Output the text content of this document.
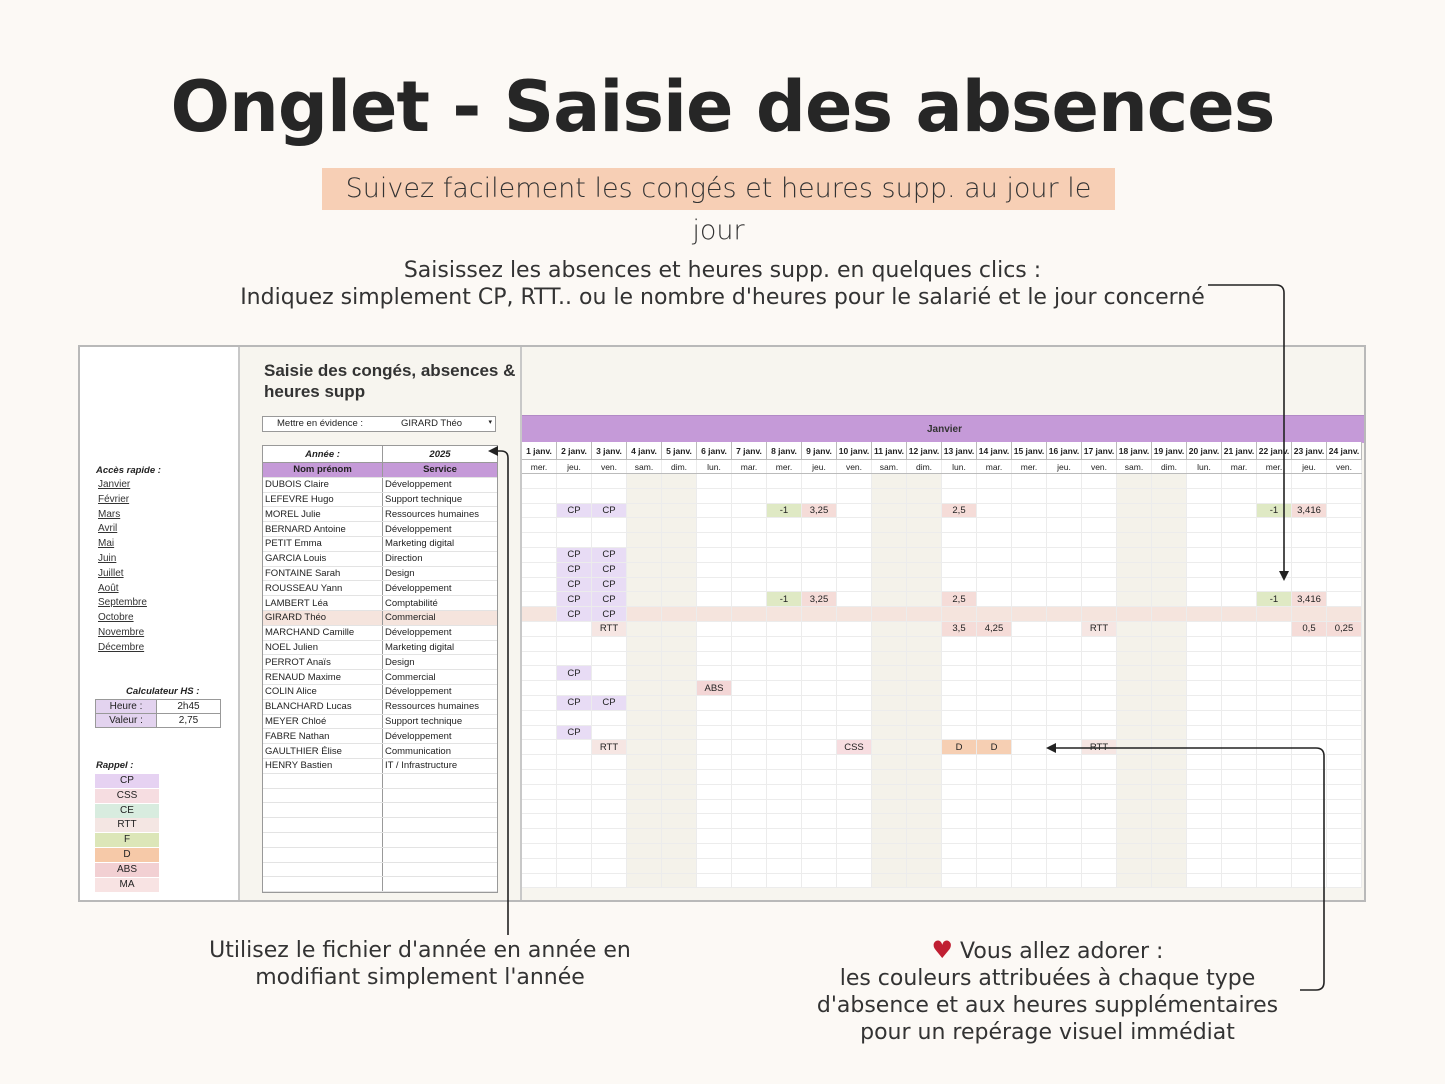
Onglet - Saisie des absences
Suivez facilement les congés et heures supp. au jour le jour
Saisissez les absences et heures supp. en quelques clics :
Indiquez simplement CP, RTT.. ou le nombre d'heures pour le salarié et le jour concerné
Accès rapide :
Janvier
Février
Mars
Avril
Mai
Juin
Juillet
Août
Septembre
Octobre
Novembre
Décembre
Calculateur HS :
Heure :	2h45
Valeur :	2,75
Rappel :
CP
CSS
CE
RTT
F
D
ABS
MA
Saisie des congés, absences &
heures supp
Mettre en évidence :	GIRARD Théo	▾
Année :	2025
Nom prénom	Service
DUBOIS Claire	Développement
LEFEVRE Hugo	Support technique
MOREL Julie	Ressources humaines
BERNARD Antoine	Développement
PETIT Emma	Marketing digital
GARCIA Louis	Direction
FONTAINE Sarah	Design
ROUSSEAU Yann	Développement
LAMBERT Léa	Comptabilité
GIRARD Théo	Commercial
MARCHAND Camille	Développement
NOEL Julien	Marketing digital
PERROT Anaïs	Design
RENAUD Maxime	Commercial
COLIN Alice	Développement
BLANCHARD Lucas	Ressources humaines
MEYER Chloé	Support technique
FABRE Nathan	Développement
GAULTHIER Élise	Communication
HENRY Bastien	IT / Infrastructure

Janvier
1 janv.	2 janv.	3 janv.	4 janv.	5 janv.	6 janv.	7 janv.	8 janv.	9 janv.	10 janv.	11 janv.	12 janv.	13 janv.	14 janv.	15 janv.	16 janv.	17 janv.	18 janv.	19 janv.	20 janv.	21 janv.	22 janv.	23 janv.	24 janv.
mer.	jeu.	ven.	sam.	dim.	lun.	mar.	mer.	jeu.	ven.	sam.	dim.	lun.	mar.	mer.	jeu.	ven.	sam.	dim.	lun.	mar.	mer.	jeu.	ven.

	CP	CP					-1	3,25				2,5									-1	3,416	

	CP	CP																					
	CP	CP																					
	CP	CP																					
	CP	CP					-1	3,25				2,5									-1	3,416	
	CP	CP																					
		RTT										3,5	4,25			RTT						0,5	0,25

	CP																						
					ABS																		
	CP	CP																					

	CP																						
		RTT							CSS			D	D			RTT							

Utilisez le fichier d'année en année en
modifiant simplement l'année
♥ Vous allez adorer :
les couleurs attribuées à chaque type
d'absence et aux heures supplémentaires
pour un repérage visuel immédiat
